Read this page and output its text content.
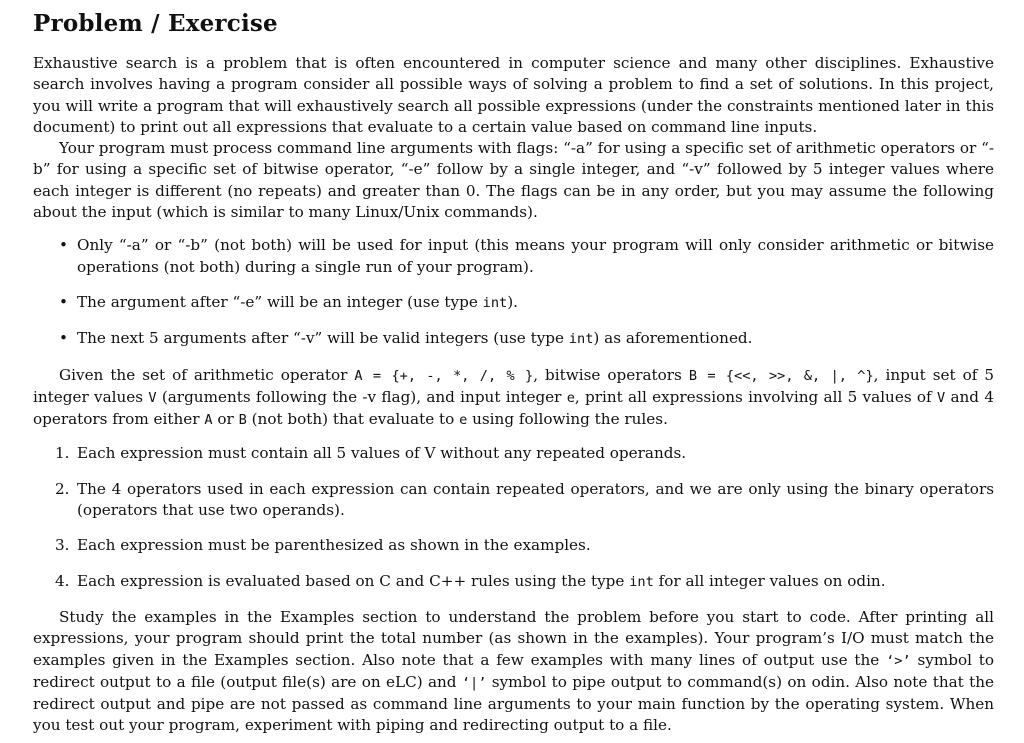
Problem / Exercise

Exhaustive search is a problem that is often encountered in computer science and many other disciplines. Exhaustive search involves having a program consider all possible ways of solving a problem to find a set of solutions. In this project, you will write a program that will exhaustively search all possible expressions (under the constraints mentioned later in this document) to print out all expressions that evaluate to a certain value based on command line inputs.

Your program must process command line arguments with flags: “-a” for using a specific set of arithmetic operators or “-b” for using a specific set of bitwise operator, “-e” follow by a single integer, and “-v” followed by 5 integer values where each integer is different (no repeats) and greater than 0. The flags can be in any order, but you may assume the following about the input (which is similar to many Linux/Unix commands).

• Only “-a” or “-b” (not both) will be used for input (this means your program will only consider arithmetic or bitwise operations (not both) during a single run of your program).
• The argument after “-e” will be an integer (use type int).
• The next 5 arguments after “-v” will be valid integers (use type int) as aforementioned.

Given the set of arithmetic operator A = {+, -, *, /, % }, bitwise operators B = {<<, >>, &, |, ^}, input set of 5 integer values V (arguments following the -v flag), and input integer e, print all expressions involving all 5 values of V and 4 operators from either A or B (not both) that evaluate to e using following the rules.

1. Each expression must contain all 5 values of V without any repeated operands.
2. The 4 operators used in each expression can contain repeated operators, and we are only using the binary operators (operators that use two operands).
3. Each expression must be parenthesized as shown in the examples.
4. Each expression is evaluated based on C and C++ rules using the type int for all integer values on odin.

Study the examples in the Examples section to understand the problem before you start to code. After printing all expressions, your program should print the total number (as shown in the examples). Your program’s I/O must match the examples given in the Examples section. Also note that a few examples with many lines of output use the ‘>’ symbol to redirect output to a file (output file(s) are on eLC) and ‘|’ symbol to pipe output to command(s) on odin. Also note that the redirect output and pipe are not passed as command line arguments to your main function by the operating system. When you test out your program, experiment with piping and redirecting output to a file.
